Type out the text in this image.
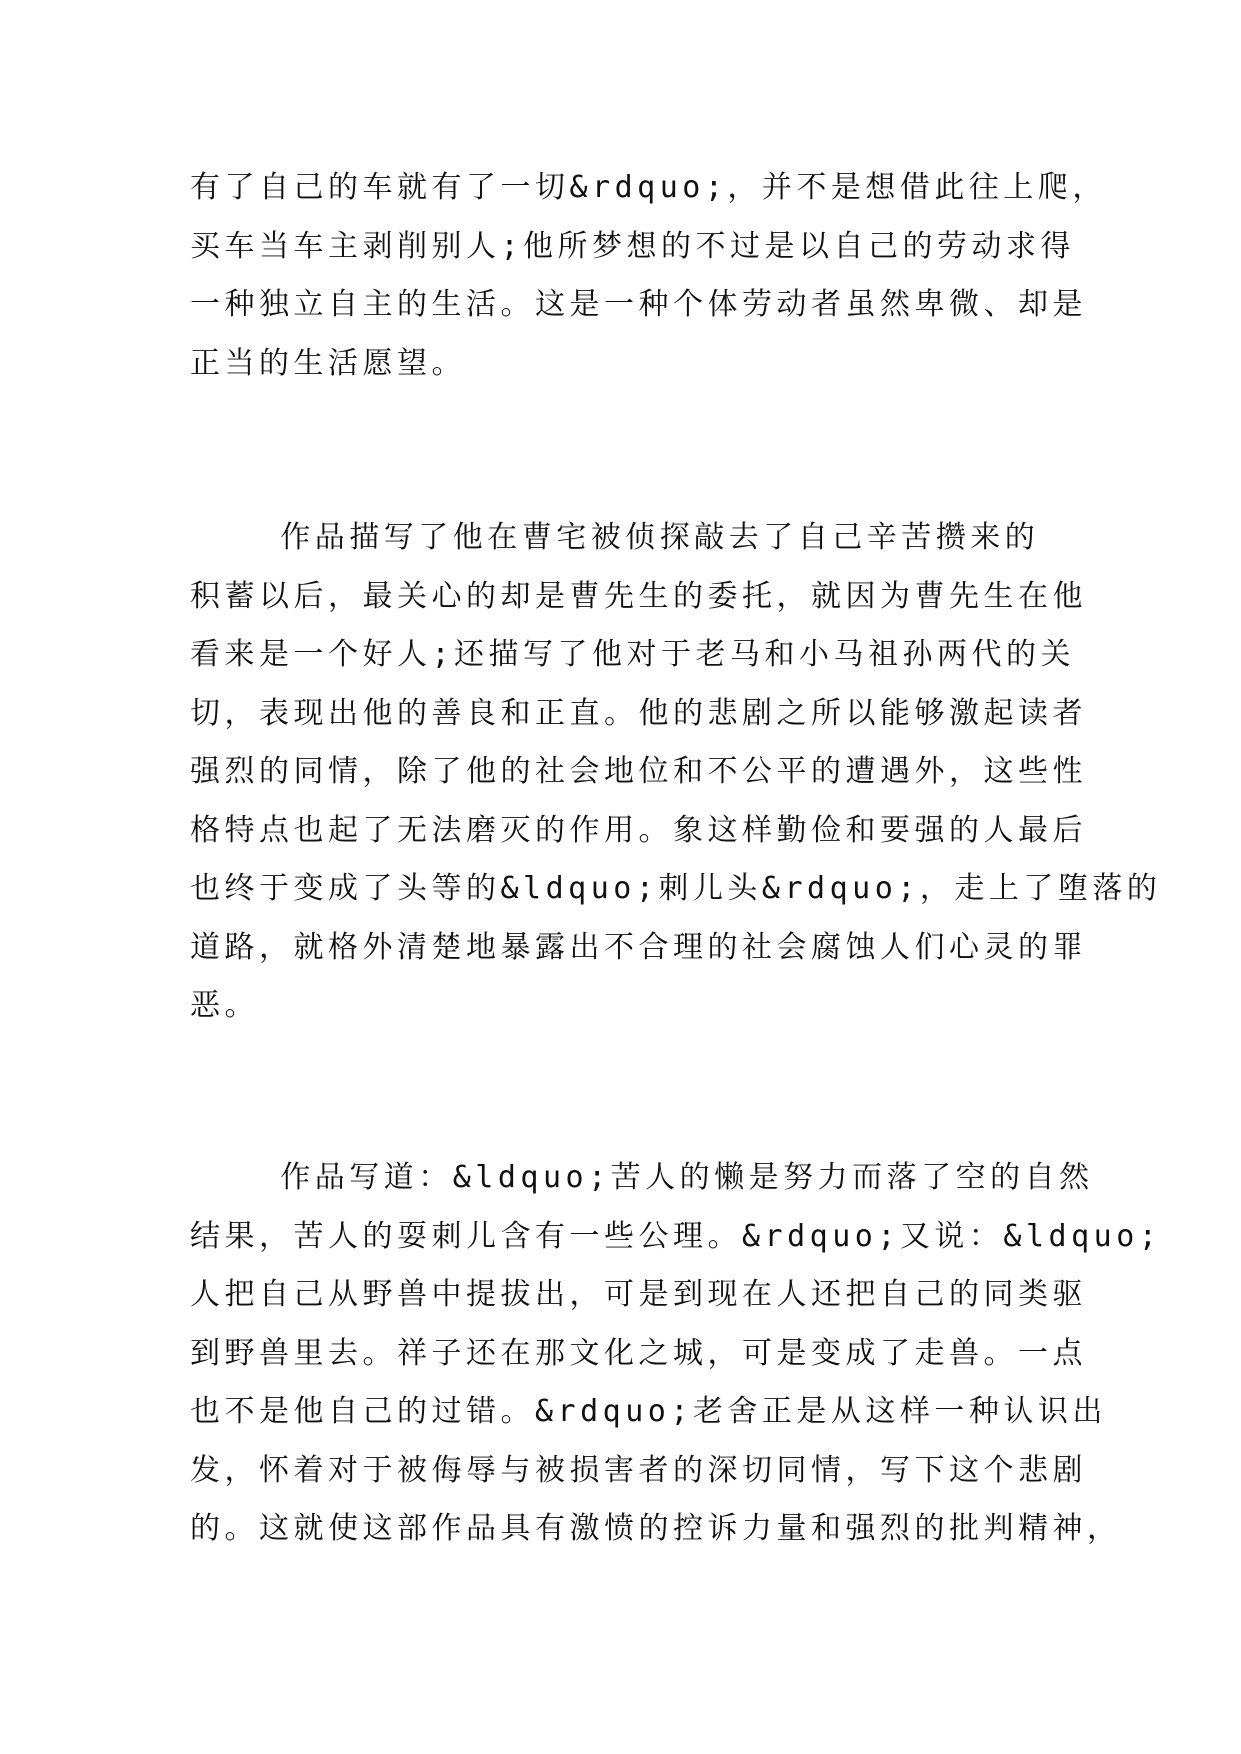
有了自己的车就有了一切&rdquo;，并不是想借此往上爬，
买车当车主剥削别人;他所梦想的不过是以自己的劳动求得
一种独立自主的生活。这是一种个体劳动者虽然卑微、却是
正当的生活愿望。

作品描写了他在曹宅被侦探敲去了自己辛苦攒来的
积蓄以后，最关心的却是曹先生的委托，就因为曹先生在他
看来是一个好人;还描写了他对于老马和小马祖孙两代的关
切，表现出他的善良和正直。他的悲剧之所以能够激起读者
强烈的同情，除了他的社会地位和不公平的遭遇外，这些性
格特点也起了无法磨灭的作用。象这样勤俭和要强的人最后
也终于变成了头等的&ldquo;刺儿头&rdquo;，走上了堕落的
道路，就格外清楚地暴露出不合理的社会腐蚀人们心灵的罪
恶。

作品写道：&ldquo;苦人的懒是努力而落了空的自然
结果，苦人的耍刺儿含有一些公理。&rdquo;又说：&ldquo;
人把自己从野兽中提拔出，可是到现在人还把自己的同类驱
到野兽里去。祥子还在那文化之城，可是变成了走兽。一点
也不是他自己的过错。&rdquo;老舍正是从这样一种认识出
发，怀着对于被侮辱与被损害者的深切同情，写下这个悲剧
的。这就使这部作品具有激愤的控诉力量和强烈的批判精神，
